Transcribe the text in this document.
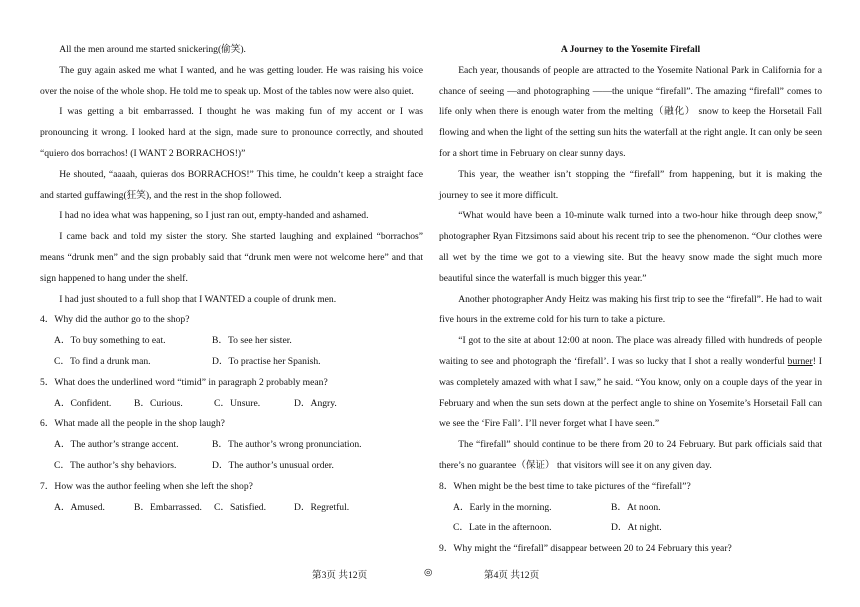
All the men around me started snickering(偷笑).

The guy again asked me what I wanted, and he was getting louder. He was raising his voice over the noise of the whole shop. He told me to speak up. Most of the tables now were also quiet.

I was getting a bit embarrassed. I thought he was making fun of my accent or I was pronouncing it wrong. I looked hard at the sign, made sure to pronounce correctly, and shouted “quiero dos borrachos! (I WANT 2 BORRACHOS!)”

He shouted, “aaaah, quieras dos BORRACHOS!” This time, he couldn’t keep a straight face and started guffawing(狂笑), and the rest in the shop followed.

I had no idea what was happening, so I just ran out, empty-handed and ashamed.

I came back and told my sister the story. She started laughing and explained “borrachos” means “drunk men” and the sign probably said that “drunk men were not welcome here” and that sign happened to hang under the shelf.

I had just shouted to a full shop that I WANTED a couple of drunk men.

4．Why did the author go to the shop?

A．To buy something to eat.	B．To see her sister.
C．To find a drunk man.	D．To practise her Spanish.

5．What does the underlined word “timid” in paragraph 2 probably mean?

A．Confident.	B．Curious.	C．Unsure.	D．Angry.

6．What made all the people in the shop laugh?

A．The author’s strange accent.	B．The author’s wrong pronunciation.
C．The author’s shy behaviors.	D．The author’s unusual order.

7．How was the author feeling when she left the shop?

A．Amused.	B．Embarrassed.	C．Satisfied.	D．Regretful.

A Journey to the Yosemite Firefall

Each year, thousands of people are attracted to the Yosemite National Park in California for a chance of seeing —and photographing ——the unique “firefall”. The amazing “firefall” comes to life only when there is enough water from the melting（融化） snow to keep the Horsetail Fall flowing and when the light of the setting sun hits the waterfall at the right angle. It can only be seen for a short time in February on clear sunny days.

This year, the weather isn’t stopping the “firefall” from happening, but it is making the journey to see it more difficult.

“What would have been a 10-minute walk turned into a two-hour hike through deep snow,” photographer Ryan Fitzsimons said about his recent trip to see the phenomenon. “Our clothes were all wet by the time we got to a viewing site. But the heavy snow made the sight much more beautiful since the waterfall is much bigger this year.”

Another photographer Andy Heitz was making his first trip to see the “firefall”. He had to wait five hours in the extreme cold for his turn to take a picture.

“I got to the site at about 12:00 at noon. The place was already filled with hundreds of people waiting to see and photograph the ‘firefall’. I was so lucky that I shot a really wonderful burner! I was completely amazed with what I saw,” he said. “You know, only on a couple days of the year in February and when the sun sets down at the perfect angle to shine on Yosemite’s Horsetail Fall can we see the ‘Fire Fall’. I’ll never forget what I have seen.”

The “firefall” should continue to be there from 20 to 24 February. But park officials said that there’s no guarantee（保证） that visitors will see it on any given day.

8．When might be the best time to take pictures of the “firefall”?

A．Early in the morning.	B．At noon.
C．Late in the afternoon.	D．At night.

9．Why might the “firefall” disappear between 20 to 24 February this year?

第3页 共12页	◎	第4页 共12页
